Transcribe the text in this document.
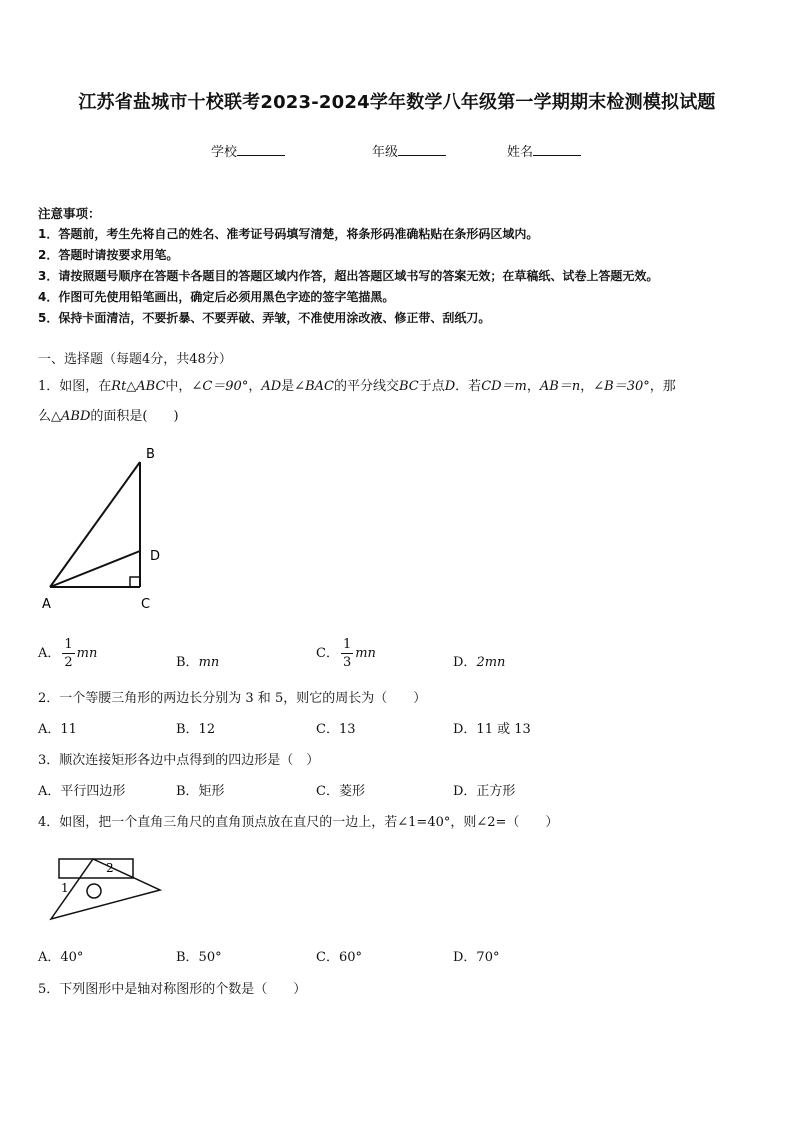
江苏省盐城市十校联考2023-2024学年数学八年级第一学期期末检测模拟试题
学校	年级	姓名
注意事项：
1．答题前，考生先将自己的姓名、准考证号码填写清楚，将条形码准确粘贴在条形码区域内。
2．答题时请按要求用笔。
3．请按照题号顺序在答题卡各题目的答题区域内作答，超出答题区域书写的答案无效；在草稿纸、试卷上答题无效。
4．作图可先使用铅笔画出，确定后必须用黑色字迹的签字笔描黑。
5．保持卡面清洁，不要折暴、不要弄破、弄皱，不准使用涂改液、修正带、刮纸刀。
一、选择题（每题4分，共48分）
1．如图，在Rt△ABC中，∠C＝90°，AD是∠BAC的平分线交BC于点D．若CD＝m，AB＝n，∠B＝30°，那
么△ABD的面积是(　　)
B
D
A	C
A． $\frac{1}{2}$ mn
B．mn
C． $\frac{1}{3}$ mn
D．2mn
2．一个等腰三角形的两边长分别为 3 和 5，则它的周长为（　　）
A．11	B．12	C．13	D．11 或 13
3．顺次连接矩形各边中点得到的四边形是（　）
A．平行四边形	B．矩形	C．菱形	D．正方形
4．如图，把一个直角三角尺的直角顶点放在直尺的一边上，若∠1=40°，则∠2=（　　）
1
2
A．40°	B．50°	C．60°	D．70°
5．下列图形中是轴对称图形的个数是（　　）
